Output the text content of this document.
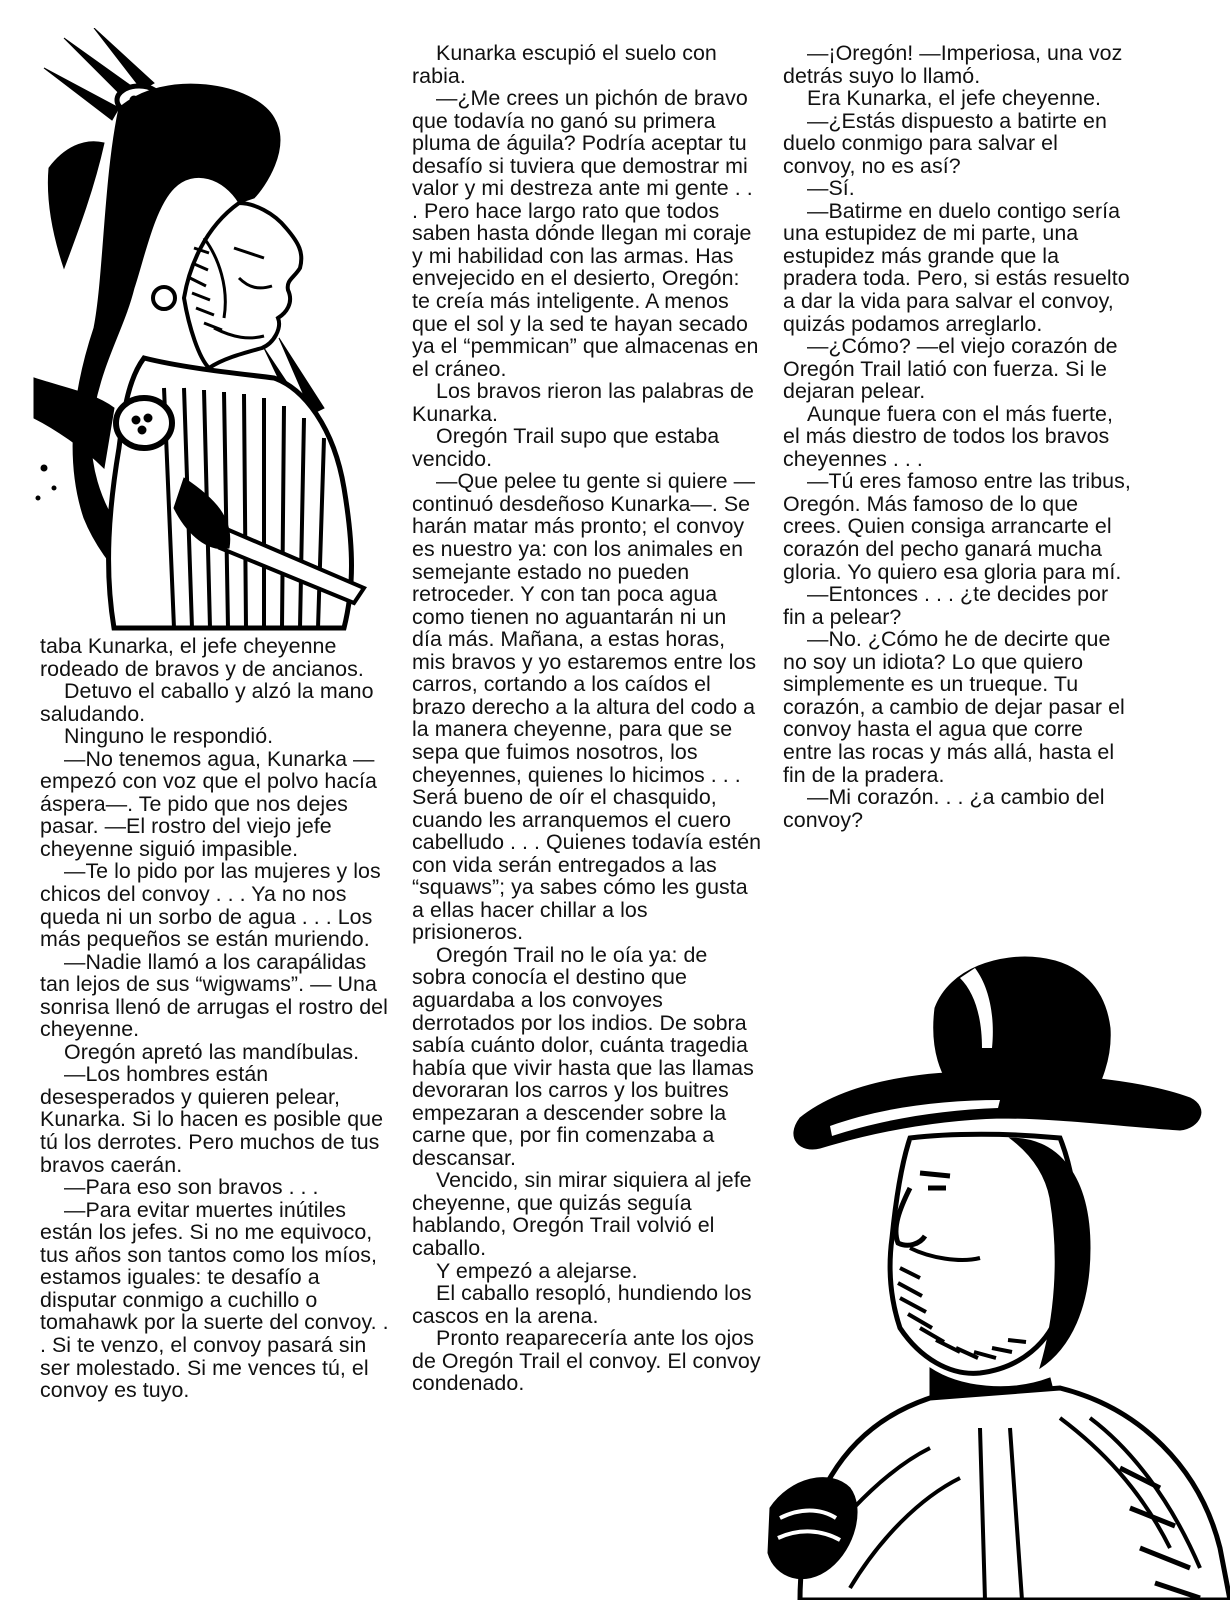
taba Kunarka, el jefe cheyenne rodeado de bravos y de ancianos.

Detuvo el caballo y alzó la mano saludando.

Ninguno le respondió.

—No tenemos agua, Kunarka —empezó con voz que el polvo hacía áspera—. Te pido que nos dejes pasar. —El rostro del viejo jefe cheyenne siguió impasible.

—Te lo pido por las mujeres y los chicos del convoy . . . Ya no nos queda ni un sorbo de agua . . . Los más pequeños se están muriendo.

—Nadie llamó a los carapálidas tan lejos de sus “wigwams”. — Una sonrisa llenó de arrugas el rostro del cheyenne.

Oregón apretó las mandíbulas.

—Los hombres están desesperados y quieren pelear, Kunarka. Si lo hacen es posible que tú los derrotes. Pero muchos de tus bravos caerán.

—Para eso son bravos . . .

—Para evitar muertes inútiles están los jefes. Si no me equivoco, tus años son tantos como los míos, estamos iguales: te desafío a disputar conmigo a cuchillo o tomahawk por la suerte del convoy. . . Si te venzo, el convoy pasará sin ser molestado. Si me vences tú, el convoy es tuyo.

Kunarka escupió el suelo con rabia.

—¿Me crees un pichón de bravo que todavía no ganó su primera pluma de águila? Podría aceptar tu desafío si tuviera que demostrar mi valor y mi destreza ante mi gente . . . Pero hace largo rato que todos saben hasta dónde llegan mi coraje y mi habilidad con las armas. Has envejecido en el desierto, Oregón: te creía más inteligente. A menos que el sol y la sed te hayan secado ya el “pemmican” que almacenas en el cráneo.

Los bravos rieron las palabras de Kunarka.

Oregón Trail supo que estaba vencido.

—Que pelee tu gente si quiere —continuó desdeñoso Kunarka—. Se harán matar más pronto; el convoy es nuestro ya: con los animales en semejante estado no pueden retroceder. Y con tan poca agua como tienen no aguantarán ni un día más. Mañana, a estas horas, mis bravos y yo estaremos entre los carros, cortando a los caídos el brazo derecho a la altura del codo a la manera cheyenne, para que se sepa que fuimos nosotros, los cheyennes, quienes lo hicimos . . . Será bueno de oír el chasquido, cuando les arranquemos el cuero cabelludo . . . Quienes todavía estén con vida serán entregados a las “squaws”; ya sabes cómo les gusta a ellas hacer chillar a los prisioneros.

Oregón Trail no le oía ya: de sobra conocía el destino que aguardaba a los convoyes derrotados por los indios. De sobra sabía cuánto dolor, cuánta tragedia había que vivir hasta que las llamas devoraran los carros y los buitres empezaran a descender sobre la carne que, por fin comenzaba a descansar.

Vencido, sin mirar siquiera al jefe cheyenne, que quizás seguía hablando, Oregón Trail volvió el caballo.

Y empezó a alejarse.

El caballo resopló, hundiendo los cascos en la arena.

Pronto reaparecería ante los ojos de Oregón Trail el convoy. El convoy condenado.

—¡Oregón! —Imperiosa, una voz detrás suyo lo llamó.

Era Kunarka, el jefe cheyenne.

—¿Estás dispuesto a batirte en duelo conmigo para salvar el convoy, no es así?

—Sí.

—Batirme en duelo contigo sería una estupidez de mi parte, una estupidez más grande que la pradera toda. Pero, si estás resuelto a dar la vida para salvar el convoy, quizás podamos arreglarlo.

—¿Cómo? —el viejo corazón de Oregón Trail latió con fuerza. Si le dejaran pelear.

Aunque fuera con el más fuerte, el más diestro de todos los bravos cheyennes . . .

—Tú eres famoso entre las tribus, Oregón. Más famoso de lo que crees. Quien consiga arrancarte el corazón del pecho ganará mucha gloria. Yo quiero esa gloria para mí.

—Entonces . . . ¿te decides por fin a pelear?

—No. ¿Cómo he de decirte que no soy un idiota? Lo que quiero simplemente es un trueque. Tu corazón, a cambio de dejar pasar el convoy hasta el agua que corre entre las rocas y más allá, hasta el fin de la pradera.

—Mi corazón. . . ¿a cambio del convoy?
